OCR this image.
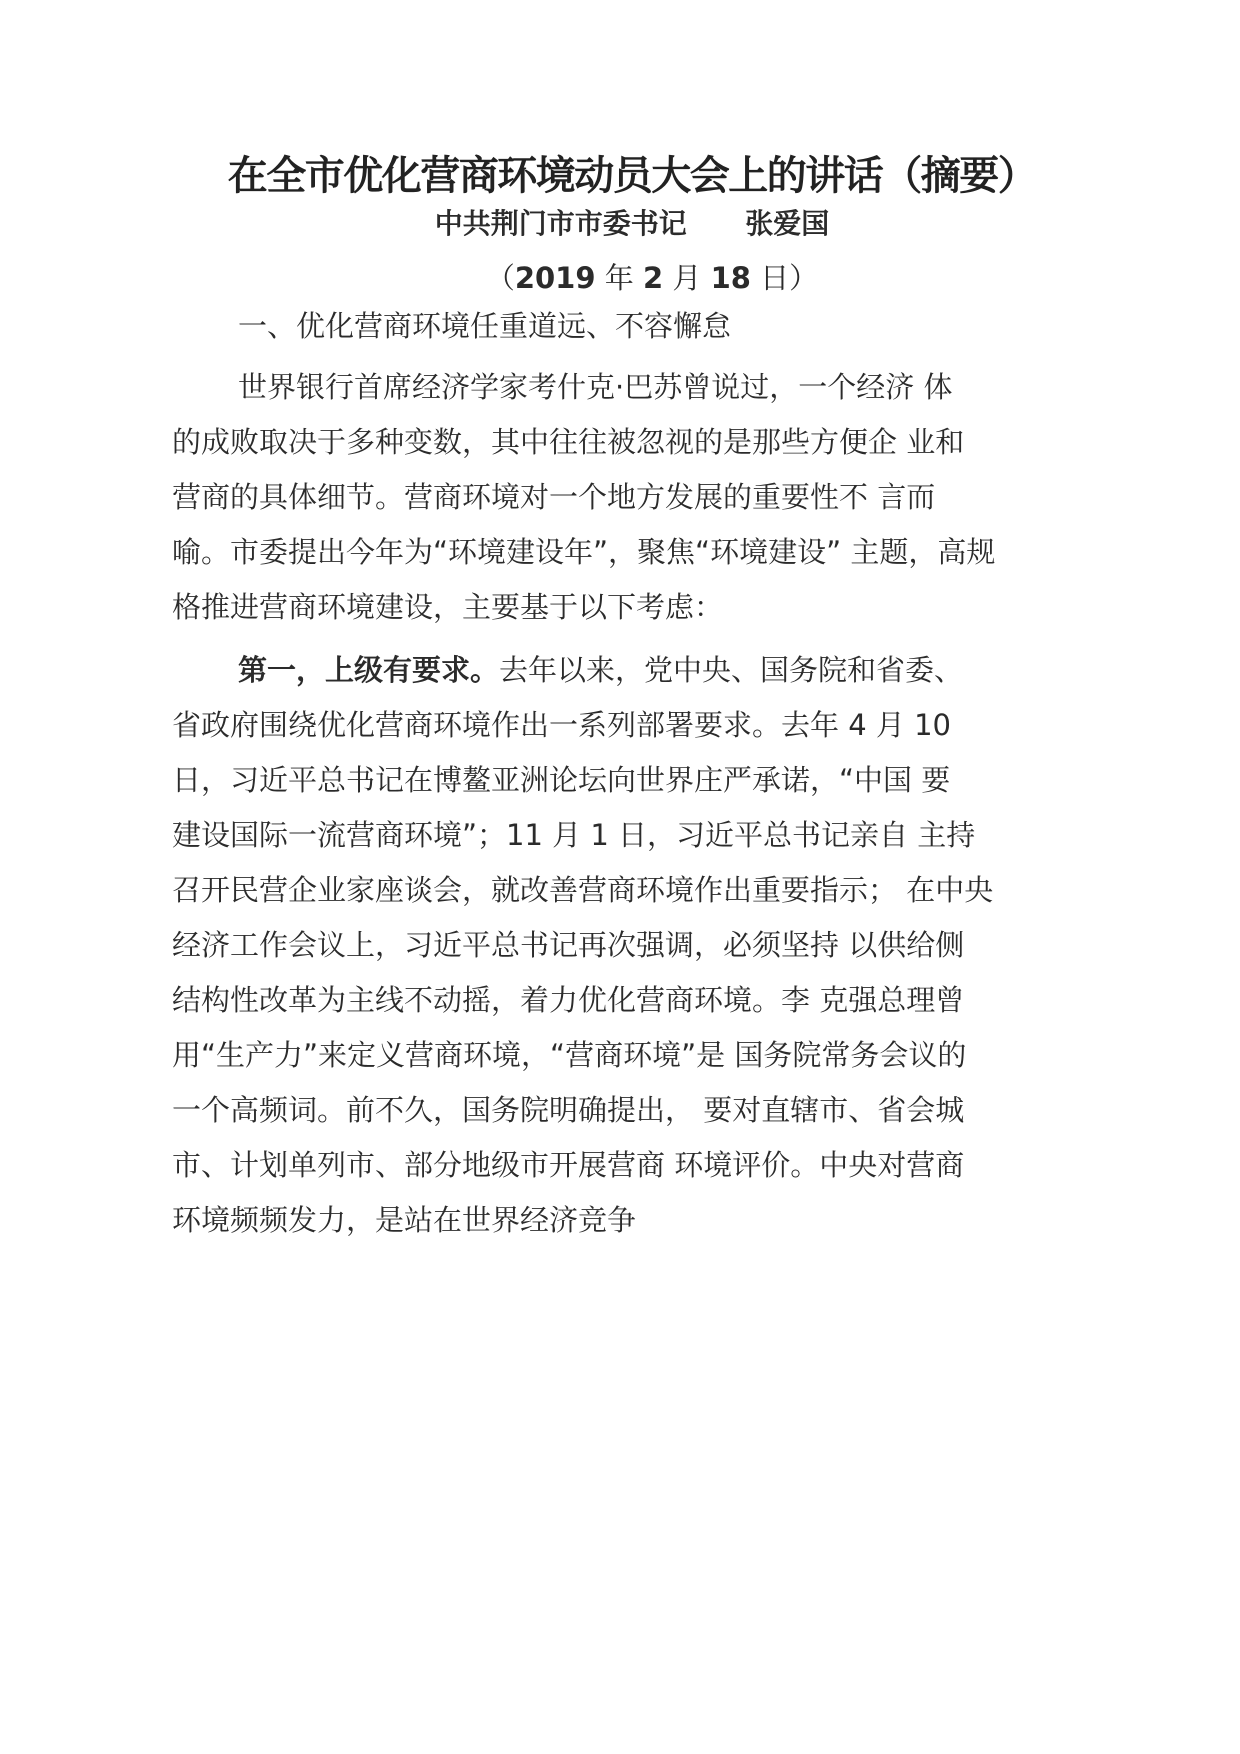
在全市优化营商环境动员大会上的讲话（摘要）

中共荆门市市委书记      张爱国

（2019 年 2 月 18 日）

一、优化营商环境任重道远、不容懈怠

世界银行首席经济学家考什克·巴苏曾说过，一个经济 体
的成败取决于多种变数，其中往往被忽视的是那些方便企 业和
营商的具体细节。营商环境对一个地方发展的重要性不 言而
喻。市委提出今年为“环境建设年”，聚焦“环境建设” 主题，高规
格推进营商环境建设，主要基于以下考虑：

第一，上级有要求。去年以来，党中央、国务院和省委、
省政府围绕优化营商环境作出一系列部署要求。去年 4 月 10
日，习近平总书记在博鳌亚洲论坛向世界庄严承诺，“中国 要
建设国际一流营商环境”；11 月 1 日，习近平总书记亲自 主持
召开民营企业家座谈会，就改善营商环境作出重要指示； 在中央
经济工作会议上，习近平总书记再次强调，必须坚持 以供给侧
结构性改革为主线不动摇，着力优化营商环境。李 克强总理曾
用“生产力”来定义营商环境，“营商环境”是 国务院常务会议的
一个高频词。前不久，国务院明确提出， 要对直辖市、省会城
市、计划单列市、部分地级市开展营商 环境评价。中央对营商
环境频频发力，是站在世界经济竞争
